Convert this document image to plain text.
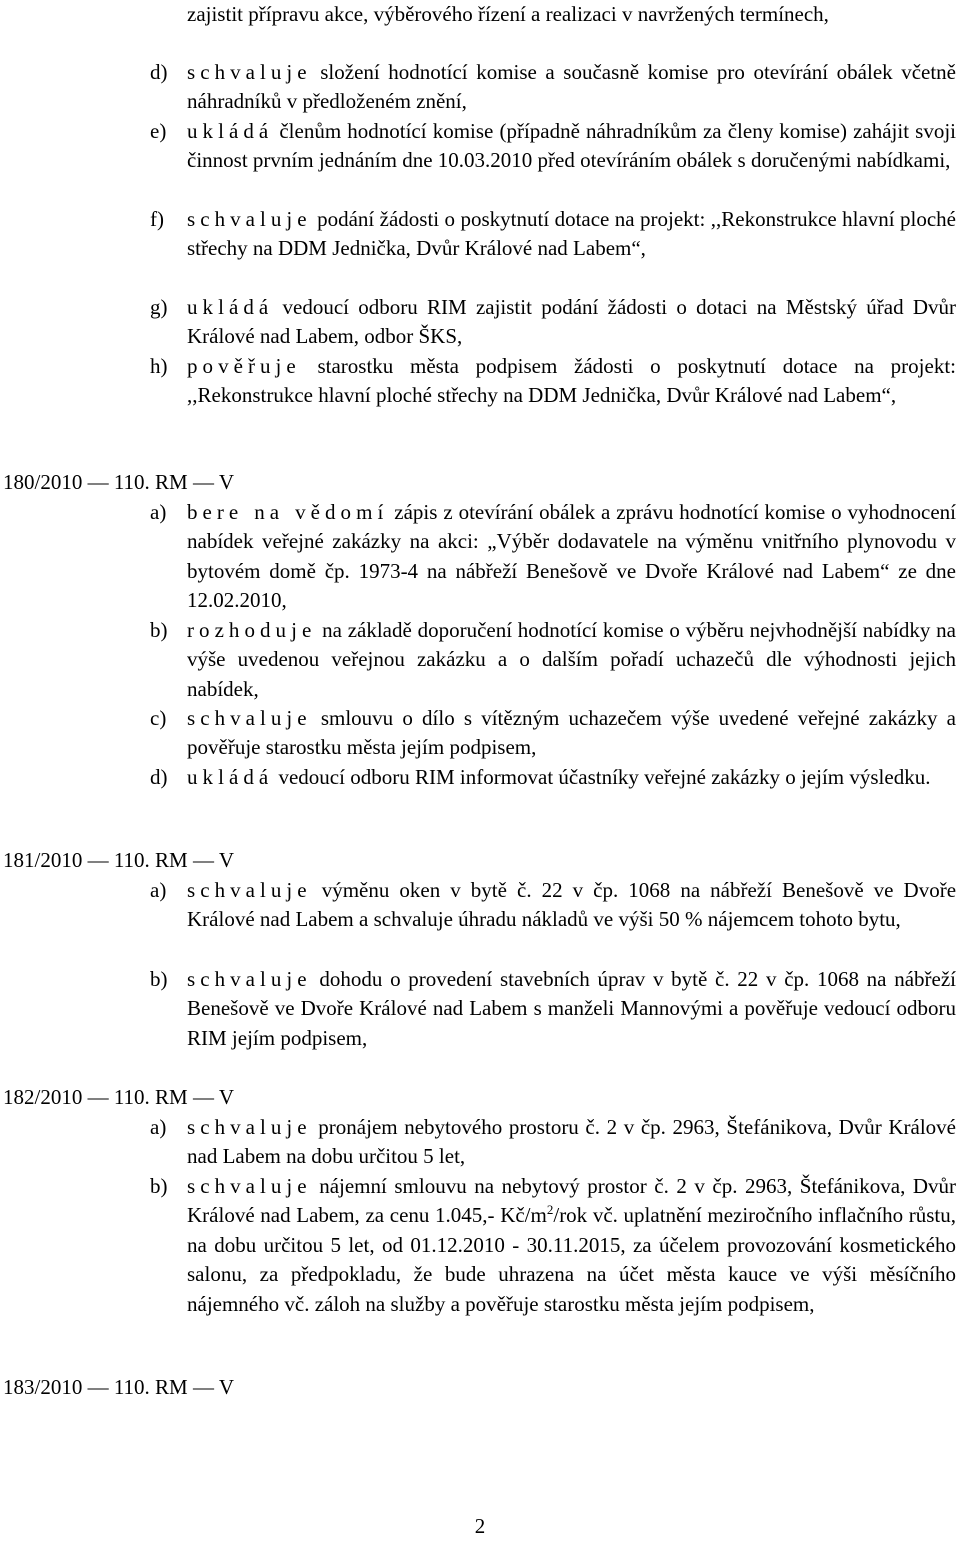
zajistit přípravu akce, výběrového řízení a realizaci v navržených termínech,
d) schvaluje složení hodnotící komise a současně komise pro otevírání obálek včetně náhradníků v předloženém znění,
e) ukládá členům hodnotící komise (případně náhradníkům za členy komise) zahájit svoji činnost prvním jednáním dne 10.03.2010 před otevíráním obálek s doručenými nabídkami,
f) schvaluje podání žádosti o poskytnutí dotace na projekt: ,,Rekonstrukce hlavní ploché střechy na DDM Jednička, Dvůr Králové nad Labem“,
g) ukládá vedoucí odboru RIM zajistit podání žádosti o dotaci na Městský úřad Dvůr Králové nad Labem, odbor ŠKS,
h) pověřuje starostku města podpisem žádosti o poskytnutí dotace na projekt: ,,Rekonstrukce hlavní ploché střechy na DDM Jednička, Dvůr Králové nad Labem“,
180/2010 — 110. RM — V
a) bere na vědomí zápis z otevírání obálek a zprávu hodnotící komise o vyhodnocení nabídek veřejné zakázky na akci: „Výběr dodavatele na výměnu vnitřního plynovodu v bytovém domě čp. 1973-4 na nábřeží Benešově ve Dvoře Králové nad Labem“ ze dne 12.02.2010,
b) rozhoduje na základě doporučení hodnotící komise o výběru nejvhodnější nabídky na výše uvedenou veřejnou zakázku a o dalším pořadí uchazečů dle výhodnosti jejich nabídek,
c) schvaluje smlouvu o dílo s vítězným uchazečem výše uvedené veřejné zakázky a pověřuje starostku města jejím podpisem,
d) ukládá vedoucí odboru RIM informovat účastníky veřejné zakázky o jejím výsledku.
181/2010 — 110. RM — V
a) schvaluje výměnu oken v bytě č. 22 v čp. 1068 na nábřeží Benešově ve Dvoře Králové nad Labem a schvaluje úhradu nákladů ve výši 50 % nájemcem tohoto bytu,
b) schvaluje dohodu o provedení stavebních úprav v bytě č. 22 v čp. 1068 na nábřeží Benešově ve Dvoře Králové nad Labem s manželi Mannovými a pověřuje vedoucí odboru RIM jejím podpisem,
182/2010 — 110. RM — V
a) schvaluje pronájem nebytového prostoru č. 2 v čp. 2963, Štefánikova, Dvůr Králové nad Labem na dobu určitou 5 let,
b) schvaluje nájemní smlouvu na nebytový prostor č. 2 v čp. 2963, Štefánikova, Dvůr Králové nad Labem, za cenu 1.045,- $Kč/m^2$/rok vč. uplatnění meziročního inflačního růstu, na dobu určitou 5 let, od 01.12.2010 - 30.11.2015, za účelem provozování kosmetického salonu, za předpokladu, že bude uhrazena na účet města kauce ve výši měsíčního nájemného vč. záloh na služby a pověřuje starostku města jejím podpisem,
183/2010 — 110. RM — V
2
